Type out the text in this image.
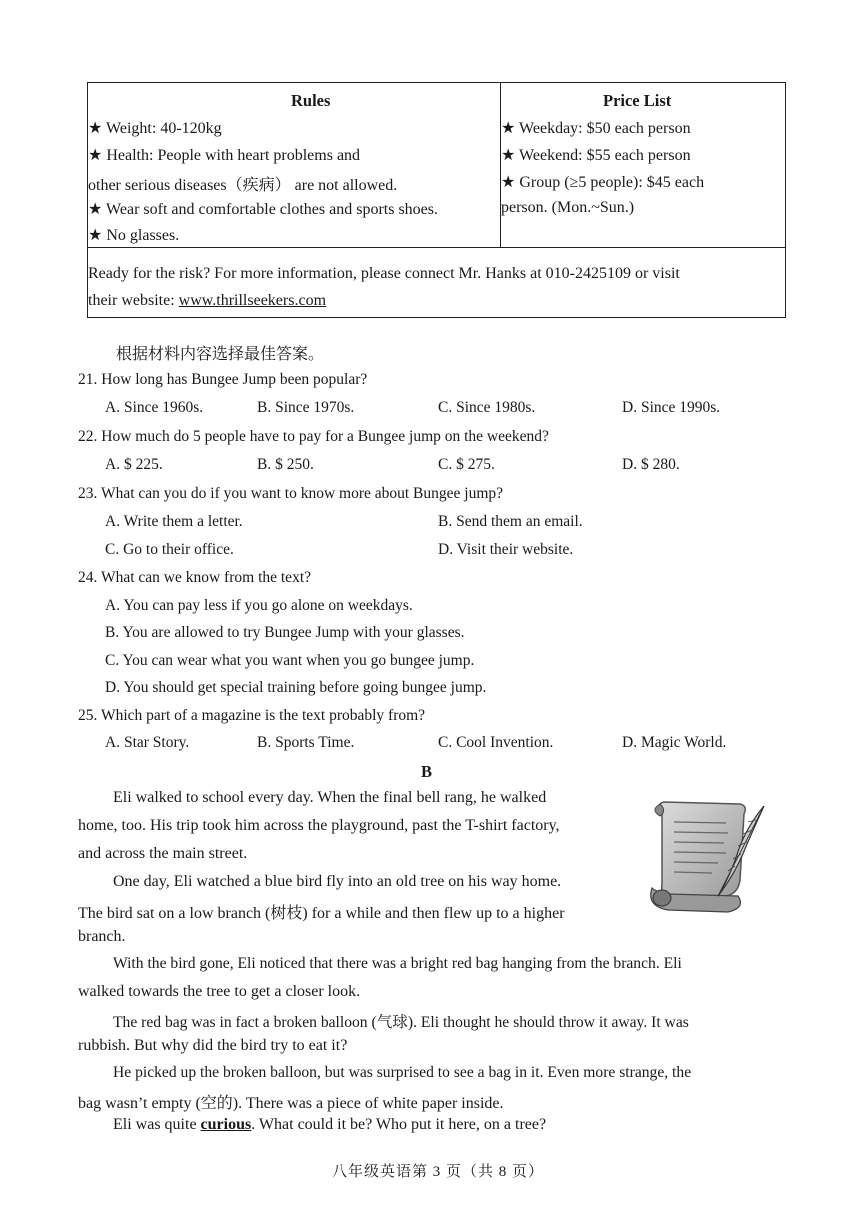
Rules
★ Weight: 40-120kg
★ Health: People with heart problems and
other serious diseases（疾病） are not allowed.
★ Wear soft and comfortable clothes and sports shoes.
★ No glasses.
Price List
★ Weekday: $50 each person
★ Weekend: $55 each person
★ Group (≥5 people): $45 each
person. (Mon.~Sun.)
Ready for the risk? For more information, please connect Mr. Hanks at 010-2425109 or visit
their website: www.thrillseekers.com
根据材料内容选择最佳答案。
21. How long has Bungee Jump been popular?
A. Since 1960s.	B. Since 1970s.	C. Since 1980s.	D. Since 1990s.
22. How much do 5 people have to pay for a Bungee jump on the weekend?
A. $ 225.	B. $ 250.	C. $ 275.	D. $ 280.
23. What can you do if you want to know more about Bungee jump?
A. Write them a letter.	B. Send them an email.
C. Go to their office.	D. Visit their website.
24. What can we know from the text?
A. You can pay less if you go alone on weekdays.
B. You are allowed to try Bungee Jump with your glasses.
C. You can wear what you want when you go bungee jump.
D. You should get special training before going bungee jump.
25. Which part of a magazine is the text probably from?
A. Star Story.	B. Sports Time.	C. Cool Invention.	D. Magic World.
B
Eli walked to school every day. When the final bell rang, he walked
home, too. His trip took him across the playground, past the T-shirt factory,
and across the main street.
One day, Eli watched a blue bird fly into an old tree on his way home.
The bird sat on a low branch (树枝) for a while and then flew up to a higher
branch.
With the bird gone, Eli noticed that there was a bright red bag hanging from the branch. Eli
walked towards the tree to get a closer look.
The red bag was in fact a broken balloon (气球). Eli thought he should throw it away. It was
rubbish. But why did the bird try to eat it?
He picked up the broken balloon, but was surprised to see a bag in it. Even more strange, the
bag wasn’t empty (空的). There was a piece of white paper inside.
Eli was quite curious. What could it be? Who put it here, on a tree?
八年级英语第 3 页（共 8 页）
